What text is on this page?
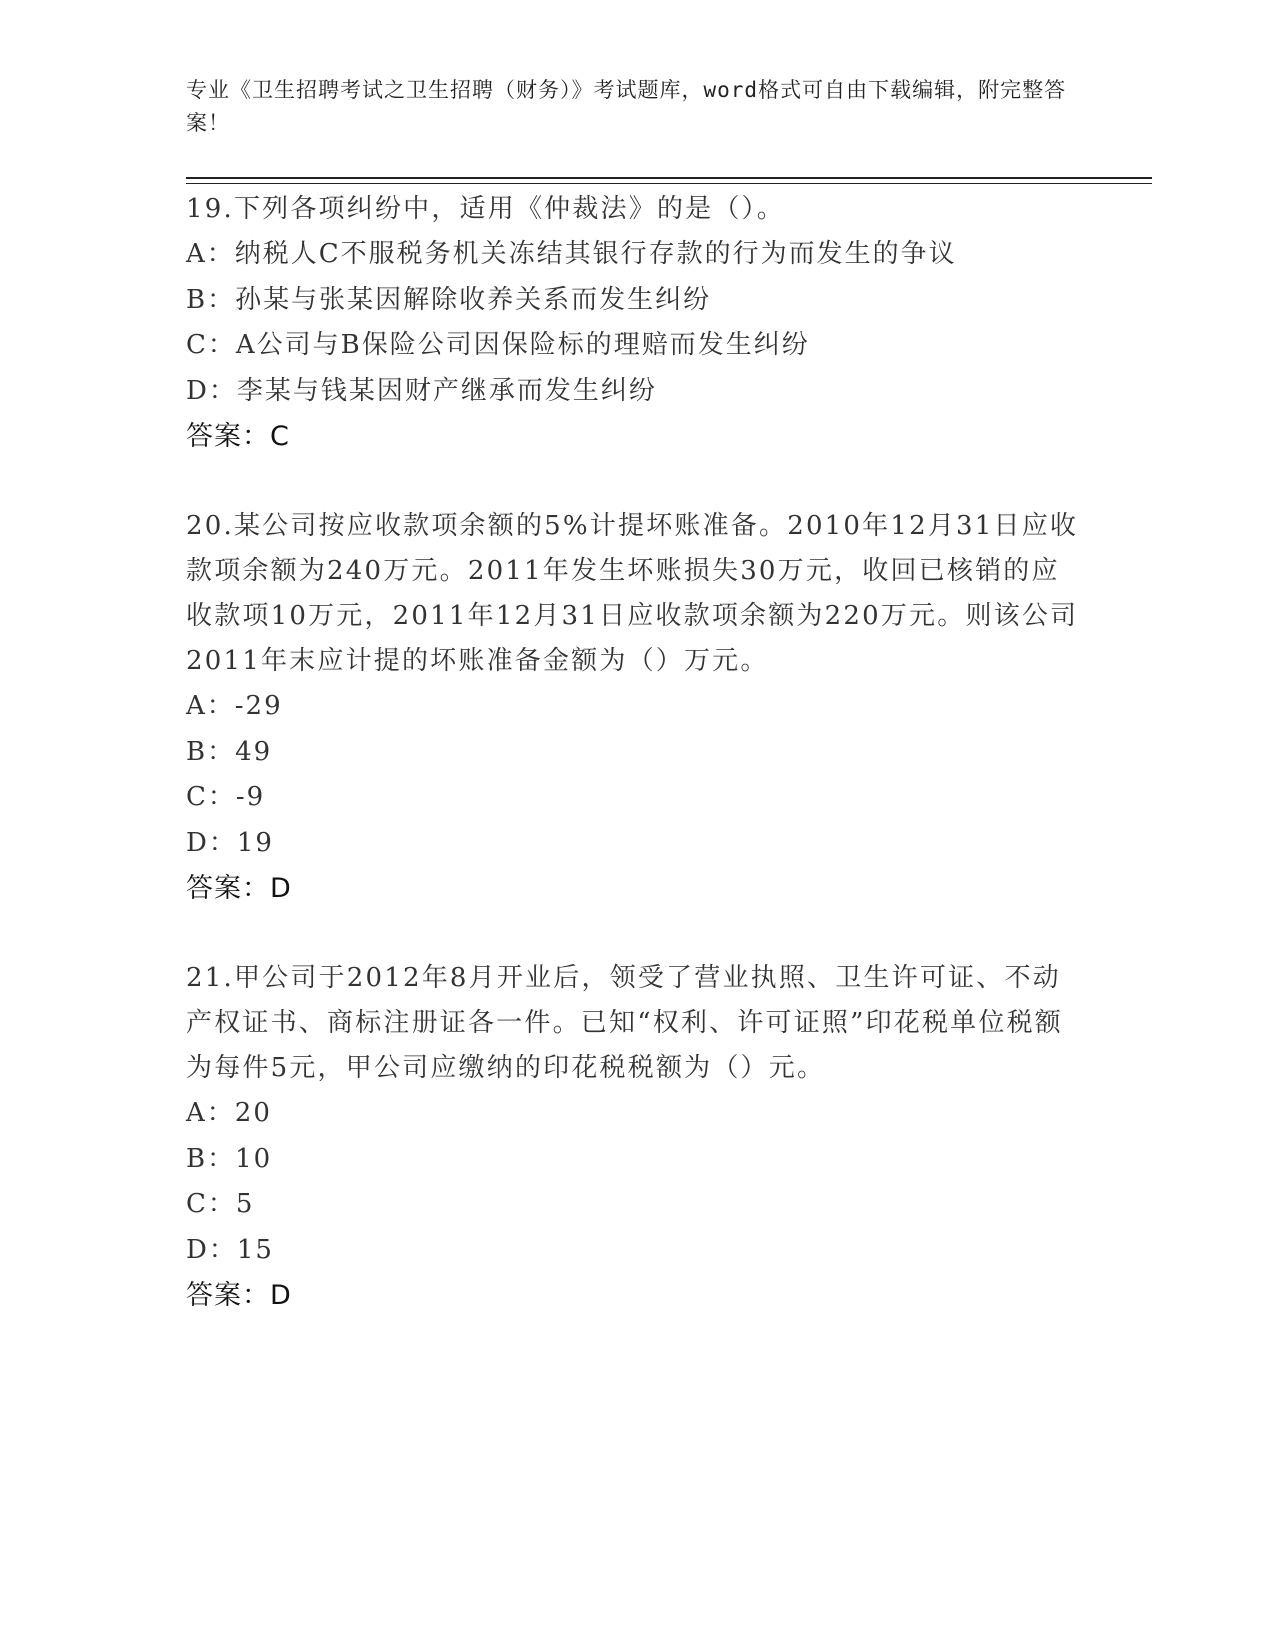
专业《卫生招聘考试之卫生招聘（财务）》考试题库，word格式可自由下载编辑，附完整答案！

19.下列各项纠纷中，适用《仲裁法》的是（）。

A：纳税人C不服税务机关冻结其银行存款的行为而发生的争议

B：孙某与张某因解除收养关系而发生纠纷

C：A公司与B保险公司因保险标的理赔而发生纠纷

D：李某与钱某因财产继承而发生纠纷

答案：C

20.某公司按应收款项余额的5%计提坏账准备。2010年12月31日应收款项余额为240万元。2011年发生坏账损失30万元，收回已核销的应收款项10万元，2011年12月31日应收款项余额为220万元。则该公司2011年末应计提的坏账准备金额为（）万元。

A：-29

B：49

C：-9

D：19

答案：D

21.甲公司于2012年8月开业后，领受了营业执照、卫生许可证、不动产权证书、商标注册证各一件。已知“权利、许可证照”印花税单位税额为每件5元，甲公司应缴纳的印花税税额为（）元。

A：20

B：10

C：5

D：15

答案：D
